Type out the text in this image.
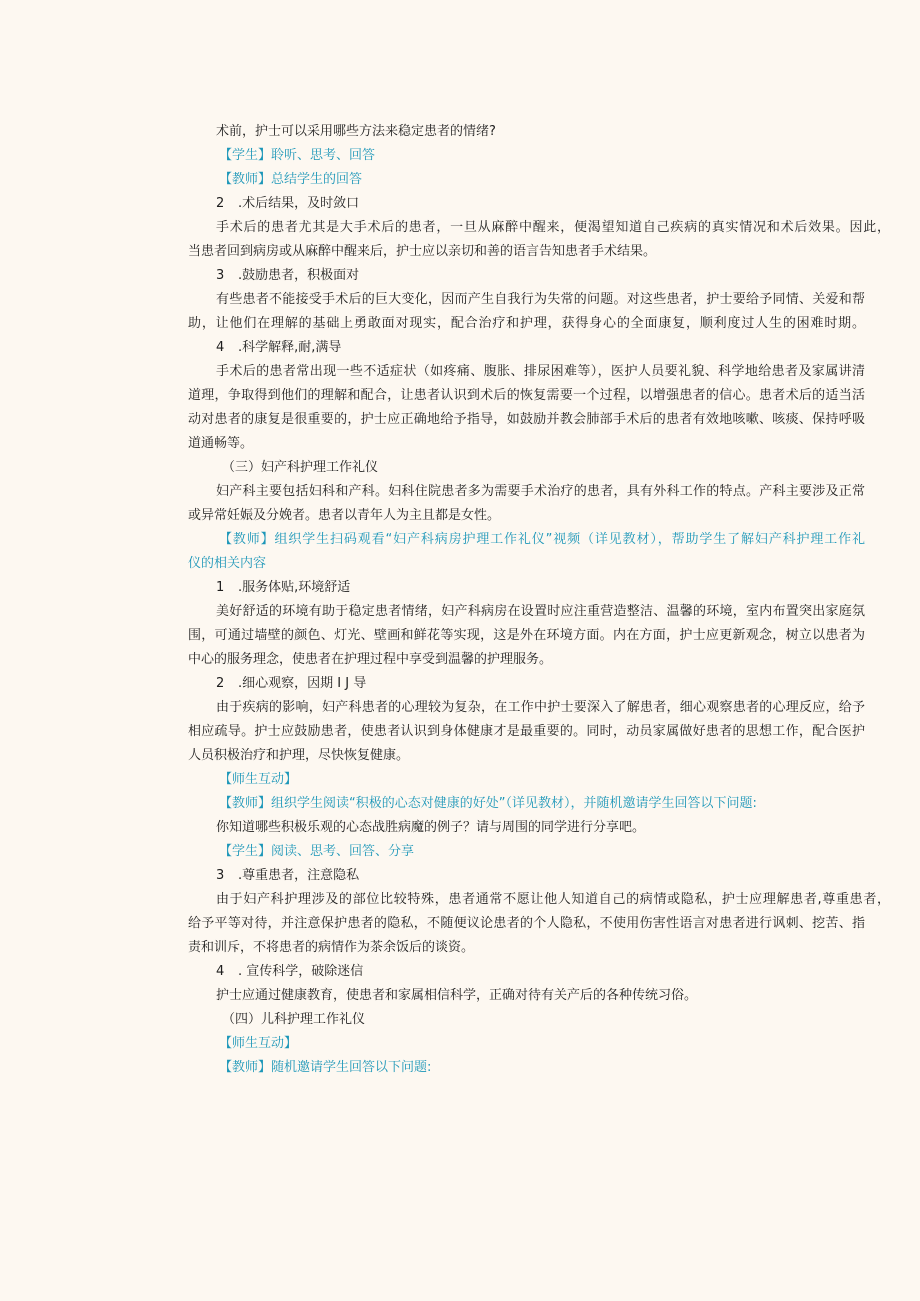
术前，护士可以采用哪些方法来稳定患者的情绪?
【学生】聆听、思考、回答
【教师】总结学生的回答
2 .术后结果，及时敛口
手术后的患者尤其是大手术后的患者，一旦从麻醉中醒来，便渴望知道自己疾病的真实情况和术后效果。因此，
当患者回到病房或从麻醉中醒来后，护士应以亲切和善的语言告知患者手术结果。
3 .鼓励患者，积极面对
有些患者不能接受手术后的巨大变化，因而产生自我行为失常的问题。对这些患者，护士要给予同情、关爱和帮
助，让他们在理解的基础上勇敢面对现实，配合治疗和护理，获得身心的全面康复，顺利度过人生的困难时期。
4 .科学解释,耐,满导
手术后的患者常出现一些不适症状（如疼痛、腹胀、排尿困难等），医护人员要礼貌、科学地给患者及家属讲清
道理，争取得到他们的理解和配合，让患者认识到术后的恢复需要一个过程，以增强患者的信心。患者术后的适当活
动对患者的康复是很重要的，护士应正确地给予指导，如鼓励并教会肺部手术后的患者有效地咳嗽、咳痰、保持呼吸
道通畅等。
（三）妇产科护理工作礼仪
妇产科主要包括妇科和产科。妇科住院患者多为需要手术治疗的患者，具有外科工作的特点。产科主要涉及正常
或异常妊娠及分娩者。患者以青年人为主且都是女性。
【教师】组织学生扫码观看“妇产科病房护理工作礼仪”视频（详见教材），帮助学生了解妇产科护理工作礼
仪的相关内容
1 .服务体贴,环境舒适
美好舒适的环境有助于稳定患者情绪，妇产科病房在设置时应注重营造整洁、温馨的环境，室内布置突出家庭氛
围，可通过墙壁的颜色、灯光、壁画和鲜花等实现，这是外在环境方面。内在方面，护士应更新观念，树立以患者为
中心的服务理念，使患者在护理过程中享受到温馨的护理服务。
2 .细心观察，因期 I J 导
由于疾病的影响，妇产科患者的心理较为复杂，在工作中护士要深入了解患者，细心观察患者的心理反应，给予
相应疏导。护士应鼓励患者，使患者认识到身体健康才是最重要的。同时，动员家属做好患者的思想工作，配合医护
人员积极治疗和护理，尽快恢复健康。
【师生互动】
【教师】组织学生阅读“积极的心态对健康的好处”（详见教材），并随机邀请学生回答以下问题:
你知道哪些积极乐观的心态战胜病魔的例子？请与周围的同学进行分享吧。
【学生】阅读、思考、回答、分享
3 .尊重患者，注意隐私
由于妇产科护理涉及的部位比较特殊，患者通常不愿让他人知道自己的病情或隐私，护士应理解患者,尊重患者，
给予平等对待，并注意保护患者的隐私，不随便议论患者的个人隐私，不使用伤害性语言对患者进行讽刺、挖苦、指
责和训斥，不将患者的病情作为茶余饭后的谈资。
4 . 宣传科学，破除迷信
护士应通过健康教育，使患者和家属相信科学，正确对待有关产后的各种传统习俗。
（四）儿科护理工作礼仪
【师生互动】
【教师】随机邀请学生回答以下问题:
